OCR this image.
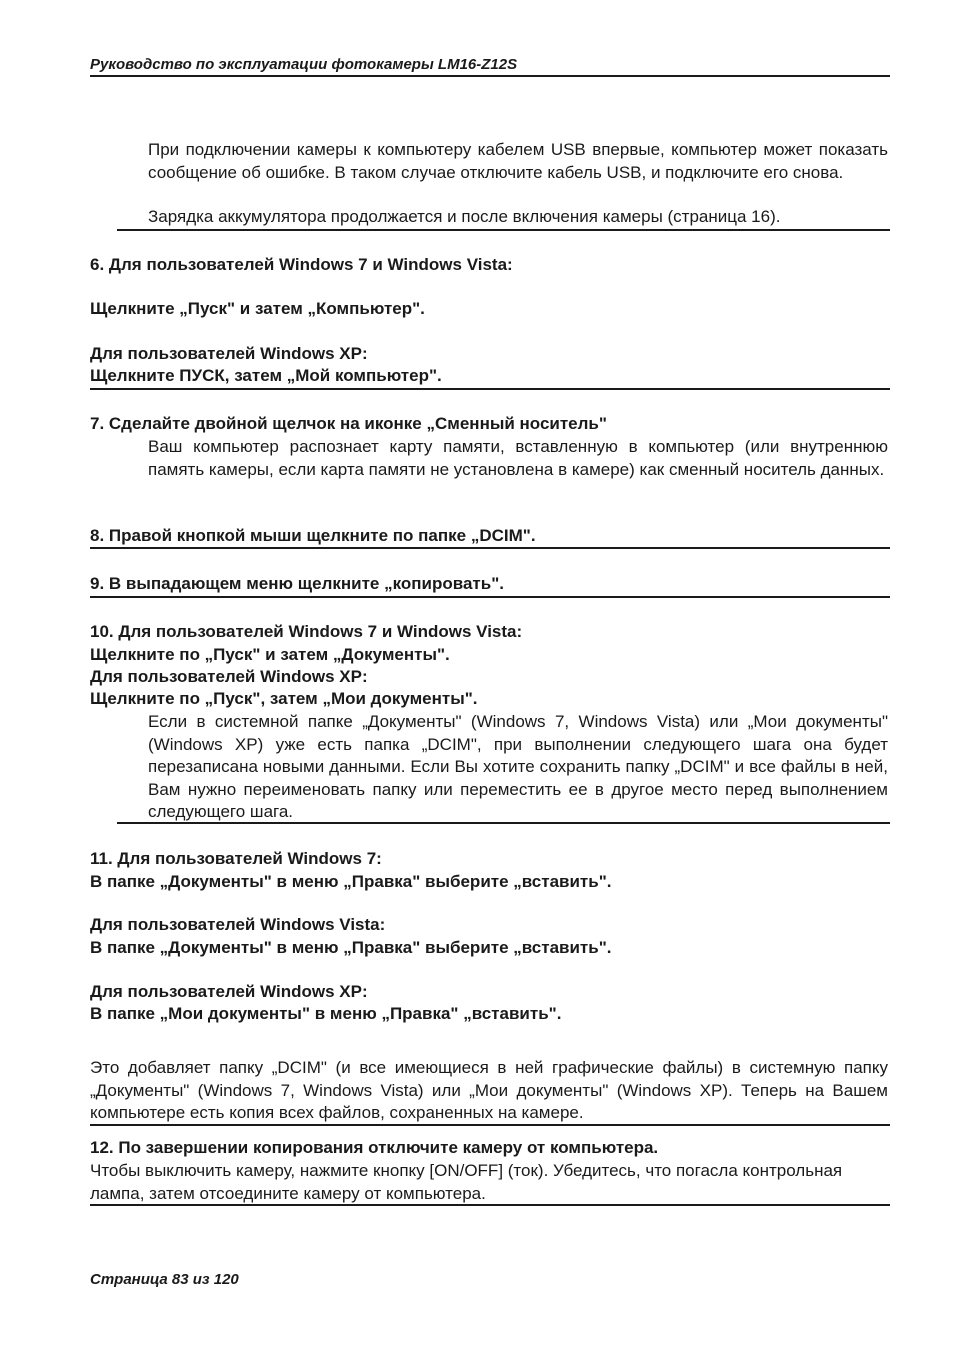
Руководство по эксплуатации фотокамеры LM16-Z12S
При подключении камеры к компьютеру кабелем USB впервые, компьютер может показать сообщение об ошибке. В таком случае отключите кабель USB, и подключите его снова.
Зарядка аккумулятора продолжается и после включения камеры (страница 16).
6. Для пользователей Windows 7 и Windows Vista:
Щелкните „Пуск" и затем „Компьютер".
Для пользователей Windows XP:
Щелкните ПУСК, затем „Мой компьютер".
7. Сделайте двойной щелчок на иконке „Сменный носитель"
Ваш компьютер распознает карту памяти, вставленную в компьютер (или внутреннюю память камеры, если карта памяти не установлена в камере) как сменный носитель данных.
8. Правой кнопкой мыши щелкните по папке „DCIM".
9. В выпадающем меню щелкните „копировать".
10. Для пользователей Windows 7 и Windows Vista:
Щелкните по „Пуск" и затем „Документы".
Для пользователей Windows XP:
Щелкните по „Пуск", затем „Мои документы".
Если в системной папке „Документы" (Windows 7, Windows Vista) или „Мои документы" (Windows XP) уже есть папка „DCIM", при выполнении следующего шага она будет перезаписана новыми данными. Если Вы хотите сохранить папку „DCIM" и все файлы в ней, Вам нужно переименовать папку или переместить ее в другое место перед выполнением следующего шага.
11. Для пользователей Windows 7:
В папке „Документы" в меню „Правка" выберите „вставить".
Для пользователей Windows Vista:
В папке „Документы" в меню „Правка" выберите „вставить".
Для пользователей Windows XP:
В папке „Мои документы" в меню „Правка" „вставить".
Это добавляет папку „DCIM" (и все имеющиеся в ней графические файлы) в системную папку „Документы" (Windows 7, Windows Vista) или „Мои документы" (Windows XP). Теперь на Вашем компьютере есть копия всех файлов, сохраненных на камере.
12. По завершении копирования отключите камеру от компьютера.
Чтобы выключить камеру, нажмите кнопку [ON/OFF] (ток). Убедитесь, что погасла контрольная лампа, затем отсоедините камеру от компьютера.
Страница 83 из 120
